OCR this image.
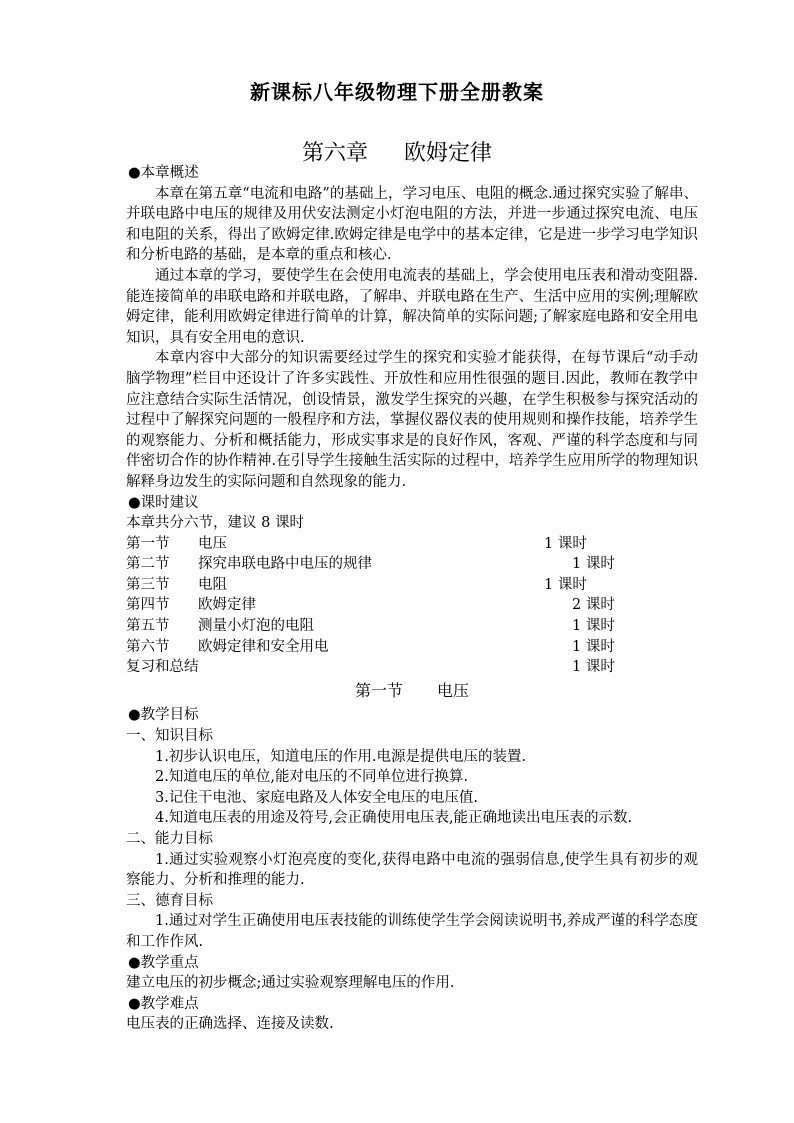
新课标八年级物理下册全册教案
第六章 欧姆定律

●本章概述

本章在第五章“电流和电路”的基础上，学习电压、电阻的概念.通过探究实验了解串、并联电路中电压的规律及用伏安法测定小灯泡电阻的方法，并进一步通过探究电流、电压和电阻的关系，得出了欧姆定律.欧姆定律是电学中的基本定律，它是进一步学习电学知识和分析电路的基础，是本章的重点和核心.

通过本章的学习，要使学生在会使用电流表的基础上，学会使用电压表和滑动变阻器.能连接简单的串联电路和并联电路，了解串、并联电路在生产、生活中应用的实例;理解欧姆定律，能利用欧姆定律进行简单的计算，解决简单的实际问题;了解家庭电路和安全用电知识，具有安全用电的意识.

本章内容中大部分的知识需要经过学生的探究和实验才能获得，在每节课后“动手动脑学物理”栏目中还设计了许多实践性、开放性和应用性很强的题目.因此，教师在教学中应注意结合实际生活情况，创设情景，激发学生探究的兴趣，在学生积极参与探究活动的过程中了解探究问题的一般程序和方法，掌握仪器仪表的使用规则和操作技能，培养学生的观察能力、分析和概括能力，形成实事求是的良好作风，客观、严谨的科学态度和与同伴密切合作的协作精神.在引导学生接触生活实际的过程中，培养学生应用所学的物理知识解释身边发生的实际问题和自然现象的能力.

●课时建议

本章共分六节，建议 8 课时

第一节 电压	1 课时
第二节 探究串联电路中电压的规律	1 课时
第三节 电阻	1 课时
第四节 欧姆定律	2 课时
第五节 测量小灯泡的电阻	1 课时
第六节 欧姆定律和安全用电	1 课时
复习和总结	1 课时
第一节 电压

●教学目标

一、知识目标

1.初步认识电压，知道电压的作用.电源是提供电压的装置.

2.知道电压的单位,能对电压的不同单位进行换算.

3.记住干电池、家庭电路及人体安全电压的电压值.

4.知道电压表的用途及符号,会正确使用电压表,能正确地读出电压表的示数.

二、能力目标

1.通过实验观察小灯泡亮度的变化,获得电路中电流的强弱信息,使学生具有初步的观察能力、分析和推理的能力.

三、德育目标

1.通过对学生正确使用电压表技能的训练使学生学会阅读说明书,养成严谨的科学态度和工作作风.

●教学重点

建立电压的初步概念;通过实验观察理解电压的作用.

●教学难点

电压表的正确选择、连接及读数.
